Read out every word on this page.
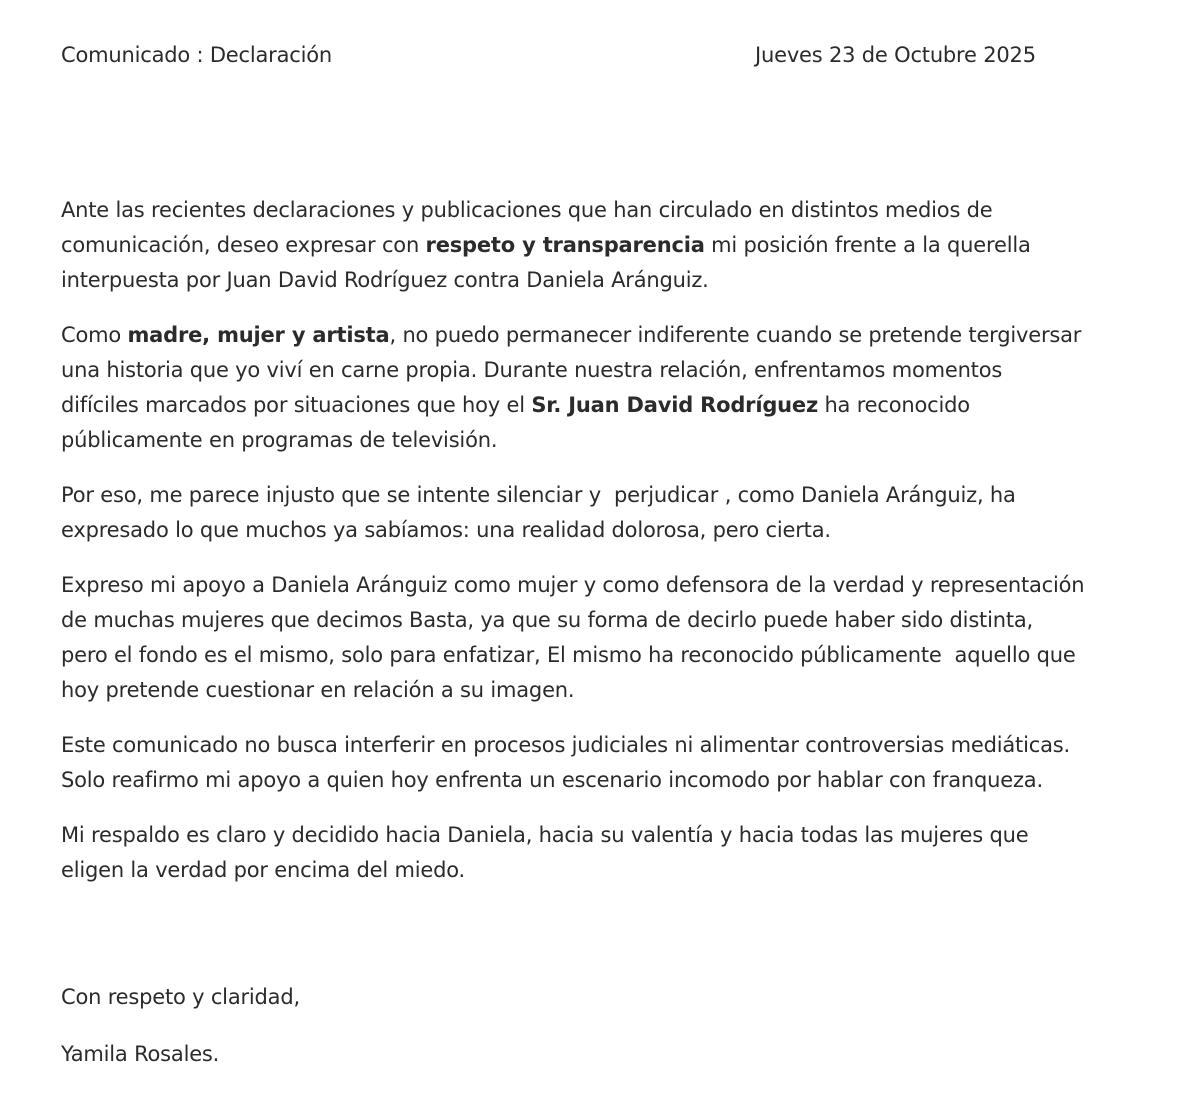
Comunicado : Declaración	Jueves 23 de Octubre 2025

Ante las recientes declaraciones y publicaciones que han circulado en distintos medios de
comunicación, deseo expresar con respeto y transparencia mi posición frente a la querella
interpuesta por Juan David Rodríguez contra Daniela Aránguiz.

Como madre, mujer y artista, no puedo permanecer indiferente cuando se pretende tergiversar
una historia que yo viví en carne propia. Durante nuestra relación, enfrentamos momentos
difíciles marcados por situaciones que hoy el Sr. Juan David Rodríguez ha reconocido
públicamente en programas de televisión.

Por eso, me parece injusto que se intente silenciar y  perjudicar , como Daniela Aránguiz, ha
expresado lo que muchos ya sabíamos: una realidad dolorosa, pero cierta.

Expreso mi apoyo a Daniela Aránguiz como mujer y como defensora de la verdad y representación
de muchas mujeres que decimos Basta, ya que su forma de decirlo puede haber sido distinta,
pero el fondo es el mismo, solo para enfatizar, El mismo ha reconocido públicamente  aquello que
hoy pretende cuestionar en relación a su imagen.

Este comunicado no busca interferir en procesos judiciales ni alimentar controversias mediáticas.
Solo reafirmo mi apoyo a quien hoy enfrenta un escenario incomodo por hablar con franqueza.

Mi respaldo es claro y decidido hacia Daniela, hacia su valentía y hacia todas las mujeres que
eligen la verdad por encima del miedo.

Con respeto y claridad,
Yamila Rosales.
